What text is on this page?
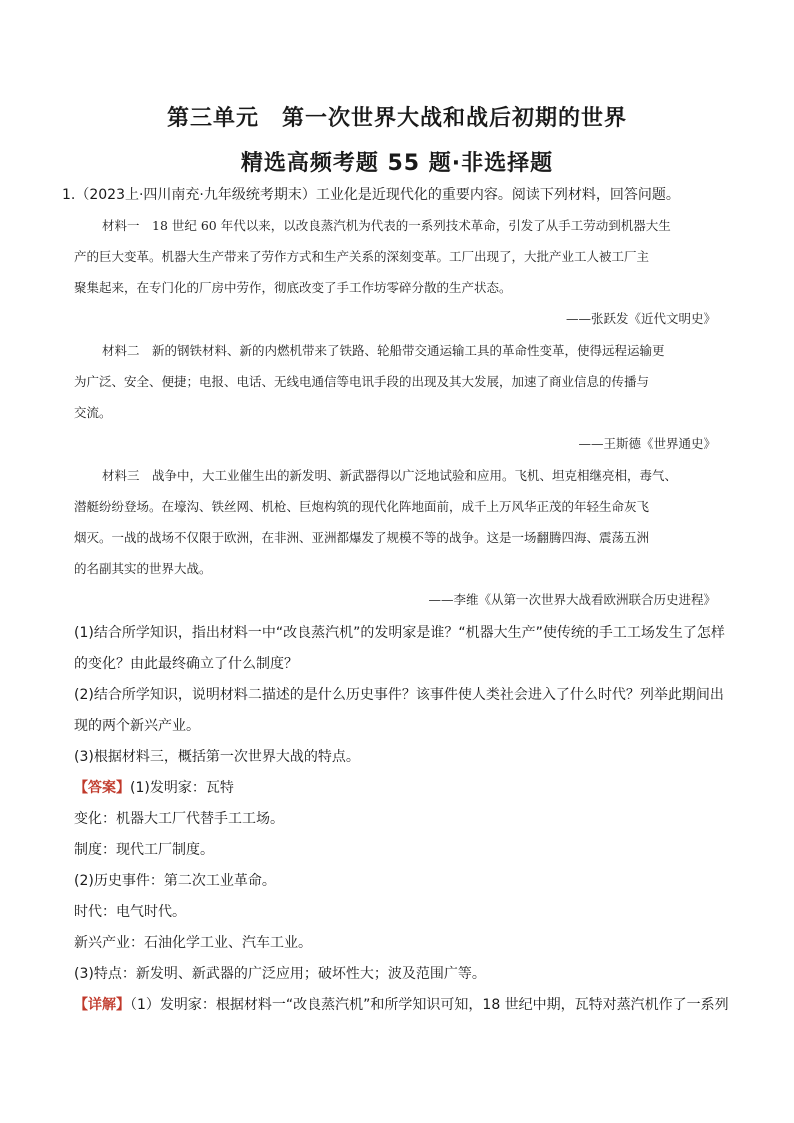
第三单元　第一次世界大战和战后初期的世界
精选高频考题 55 题·非选择题
1.（2023上·四川南充·九年级统考期末）工业化是近现代化的重要内容。阅读下列材料，回答问题。
材料一　18 世纪 60 年代以来，以改良蒸汽机为代表的一系列技术革命，引发了从手工劳动到机器大生
产的巨大变革。机器大生产带来了劳作方式和生产关系的深刻变革。工厂出现了，大批产业工人被工厂主
聚集起来，在专门化的厂房中劳作，彻底改变了手工作坊零碎分散的生产状态。
——张跃发《近代文明史》
材料二　新的钢铁材料、新的内燃机带来了铁路、轮船带交通运输工具的革命性变革，使得远程运输更
为广泛、安全、便捷；电报、电话、无线电通信等电讯手段的出现及其大发展，加速了商业信息的传播与
交流。
——王斯德《世界通史》
材料三　战争中，大工业催生出的新发明、新武器得以广泛地试验和应用。飞机、坦克相继亮相，毒气、
潜艇纷纷登场。在壕沟、铁丝网、机枪、巨炮构筑的现代化阵地面前，成千上万风华正茂的年轻生命灰飞
烟灭。一战的战场不仅限于欧洲，在非洲、亚洲都爆发了规模不等的战争。这是一场翻腾四海、震荡五洲
的名副其实的世界大战。
——李维《从第一次世界大战看欧洲联合历史进程》
(1)结合所学知识，指出材料一中“改良蒸汽机”的发明家是谁？“机器大生产”使传统的手工工场发生了怎样
的变化？由此最终确立了什么制度？
(2)结合所学知识，说明材料二描述的是什么历史事件？该事件使人类社会进入了什么时代？列举此期间出
现的两个新兴产业。
(3)根据材料三，概括第一次世界大战的特点。
【答案】(1)发明家：瓦特
变化：机器大工厂代替手工工场。
制度：现代工厂制度。
(2)历史事件：第二次工业革命。
时代：电气时代。
新兴产业：石油化学工业、汽车工业。
(3)特点：新发明、新武器的广泛应用；破坏性大；波及范围广等。
【详解】（1）发明家：根据材料一“改良蒸汽机”和所学知识可知，18 世纪中期，瓦特对蒸汽机作了一系列
